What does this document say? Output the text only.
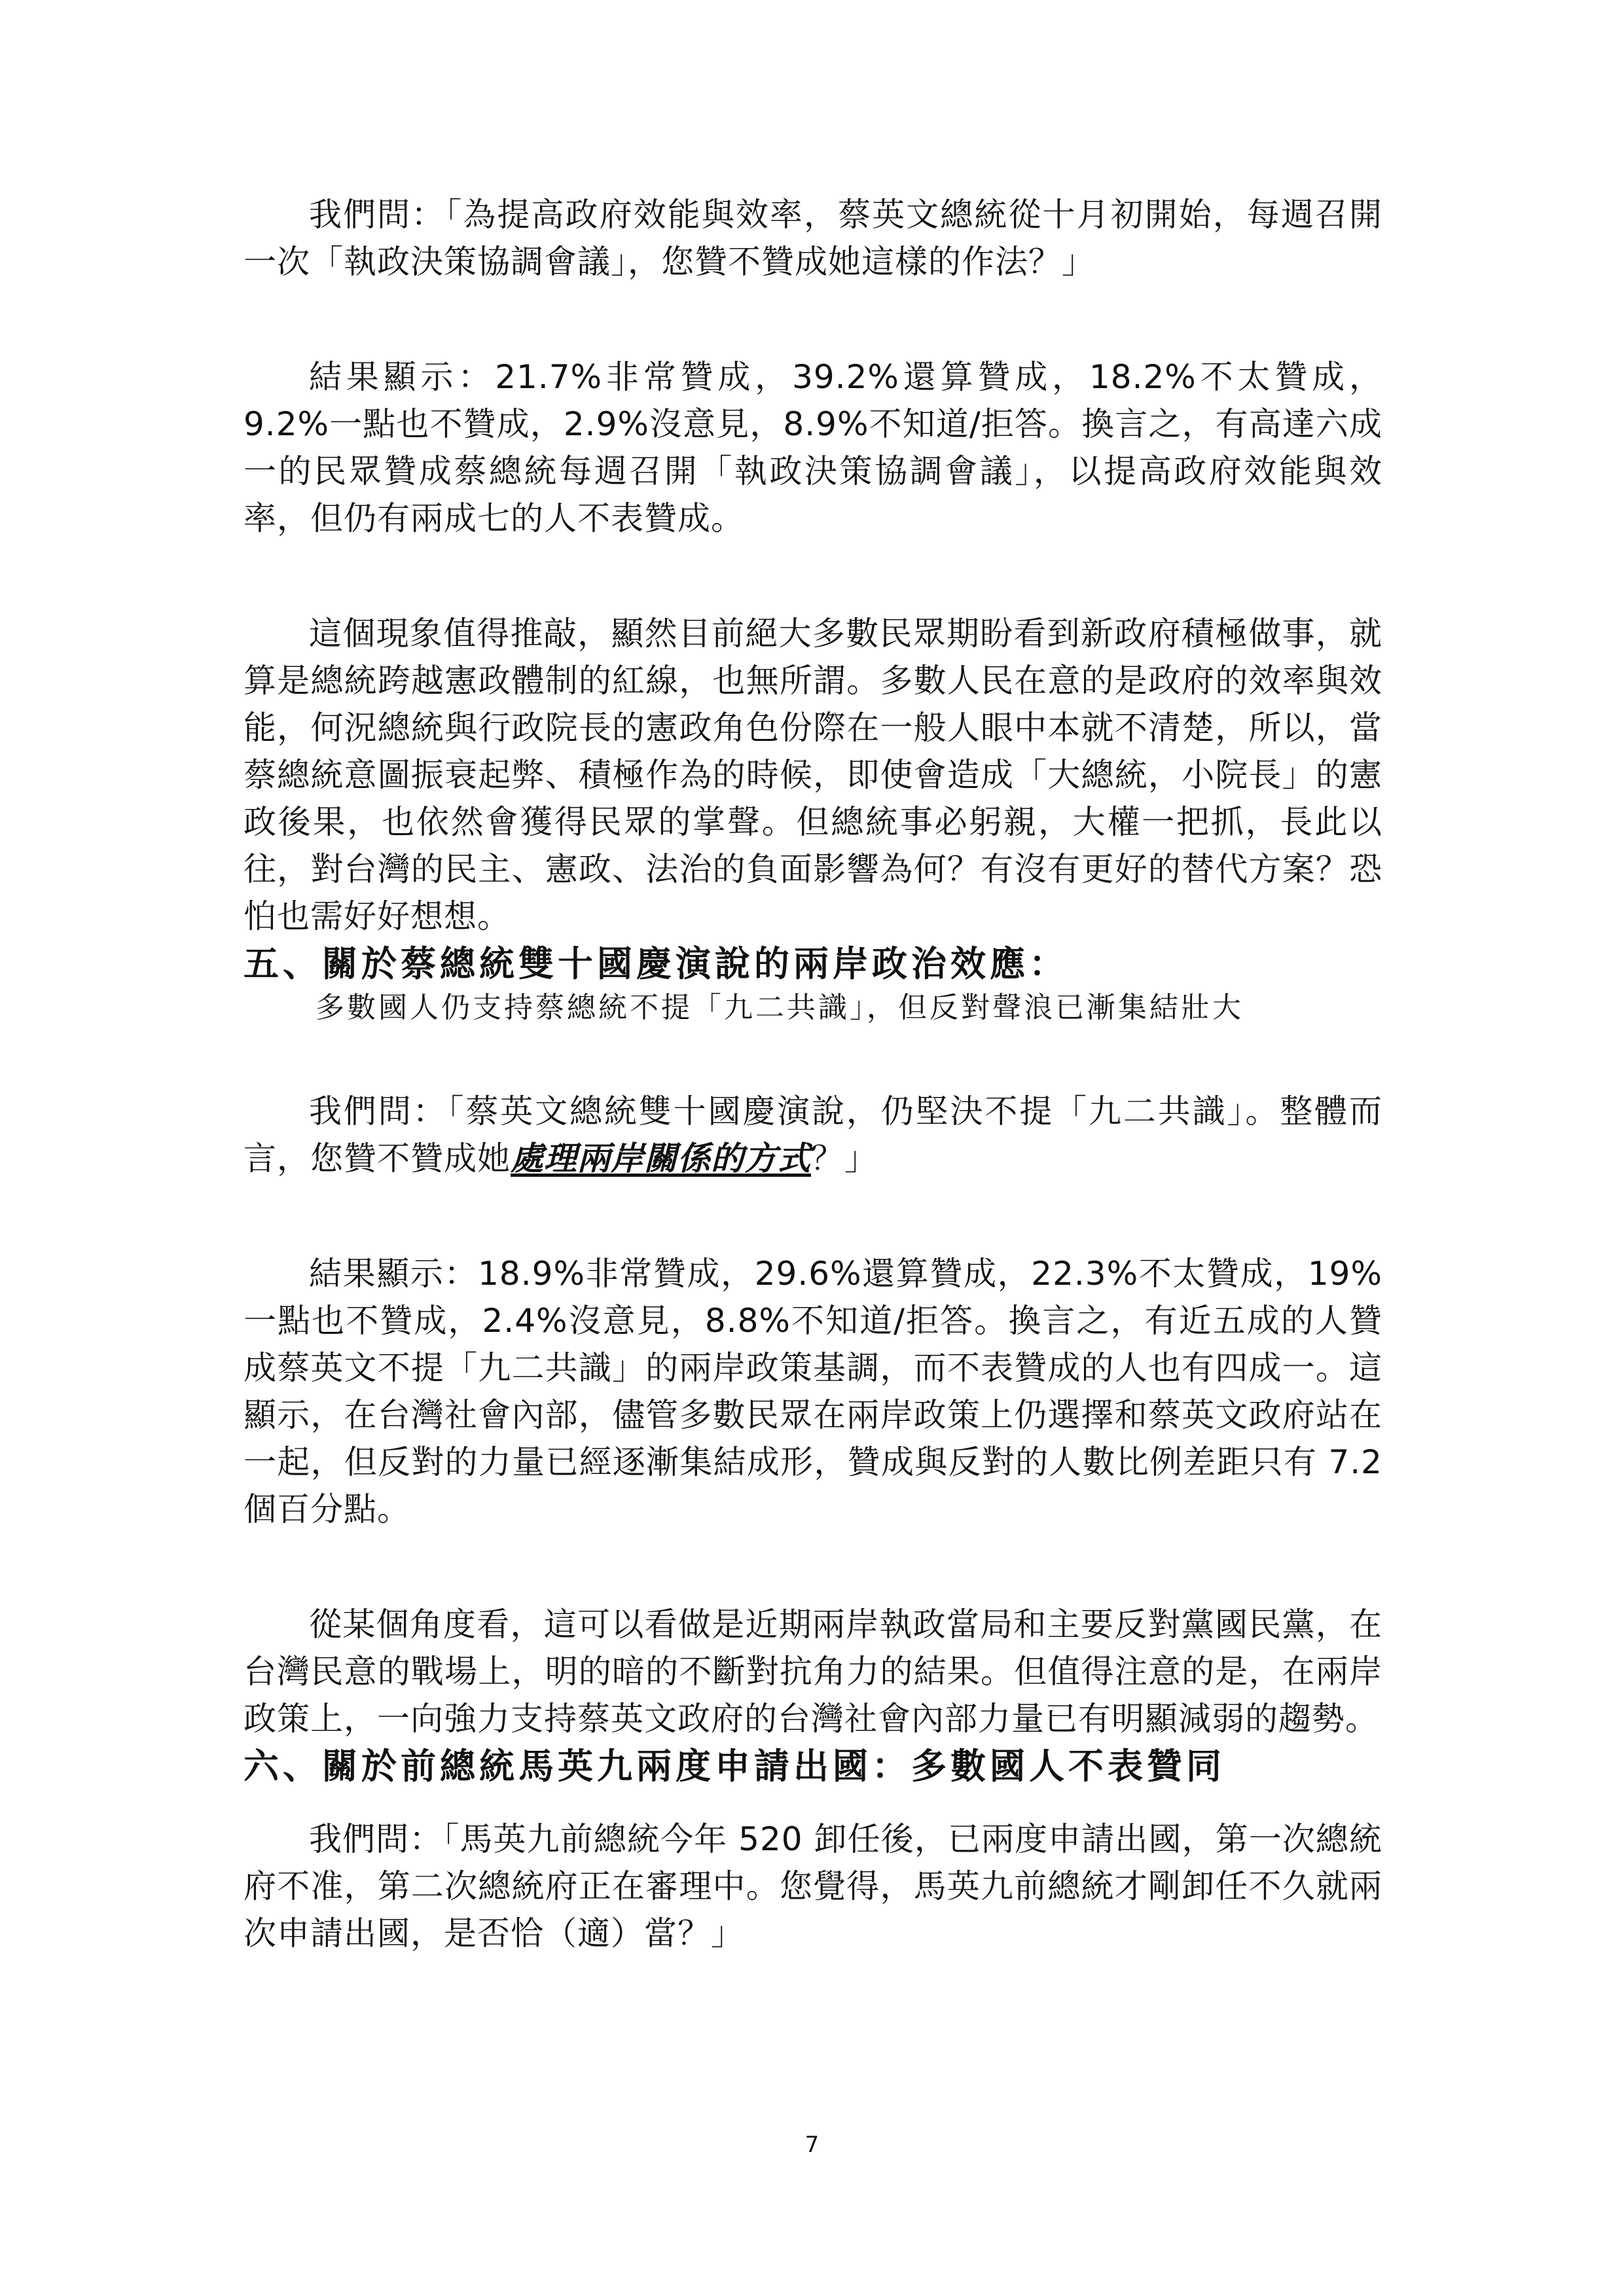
我們問：「為提高政府效能與效率，蔡英文總統從十月初開始，每週召開一次「執政決策協調會議」，您贊不贊成她這樣的作法？」

結果顯示：21.7%非常贊成，39.2%還算贊成，18.2%不太贊成，9.2%一點也不贊成，2.9%沒意見，8.9%不知道/拒答。換言之，有高達六成一的民眾贊成蔡總統每週召開「執政決策協調會議」，以提高政府效能與效率，但仍有兩成七的人不表贊成。

這個現象值得推敲，顯然目前絕大多數民眾期盼看到新政府積極做事，就算是總統跨越憲政體制的紅線，也無所謂。多數人民在意的是政府的效率與效能，何況總統與行政院長的憲政角色份際在一般人眼中本就不清楚，所以，當蔡總統意圖振衰起弊、積極作為的時候，即使會造成「大總統，小院長」的憲政後果，也依然會獲得民眾的掌聲。但總統事必躬親，大權一把抓，長此以往，對台灣的民主、憲政、法治的負面影響為何？有沒有更好的替代方案？恐怕也需好好想想。

五、關於蔡總統雙十國慶演說的兩岸政治效應：

多數國人仍支持蔡總統不提「九二共識」，但反對聲浪已漸集結壯大

我們問：「蔡英文總統雙十國慶演說，仍堅決不提「九二共識」。整體而言，您贊不贊成她處理兩岸關係的方式？」

結果顯示：18.9%非常贊成，29.6%還算贊成，22.3%不太贊成，19%一點也不贊成，2.4%沒意見，8.8%不知道/拒答。換言之，有近五成的人贊成蔡英文不提「九二共識」的兩岸政策基調，而不表贊成的人也有四成一。這顯示，在台灣社會內部，儘管多數民眾在兩岸政策上仍選擇和蔡英文政府站在一起，但反對的力量已經逐漸集結成形，贊成與反對的人數比例差距只有 7.2 個百分點。

從某個角度看，這可以看做是近期兩岸執政當局和主要反對黨國民黨，在台灣民意的戰場上，明的暗的不斷對抗角力的結果。但值得注意的是，在兩岸政策上，一向強力支持蔡英文政府的台灣社會內部力量已有明顯減弱的趨勢。

六、關於前總統馬英九兩度申請出國：多數國人不表贊同

我們問：「馬英九前總統今年 520 卸任後，已兩度申請出國，第一次總統府不准，第二次總統府正在審理中。您覺得，馬英九前總統才剛卸任不久就兩次申請出國，是否恰（適）當？」

7
